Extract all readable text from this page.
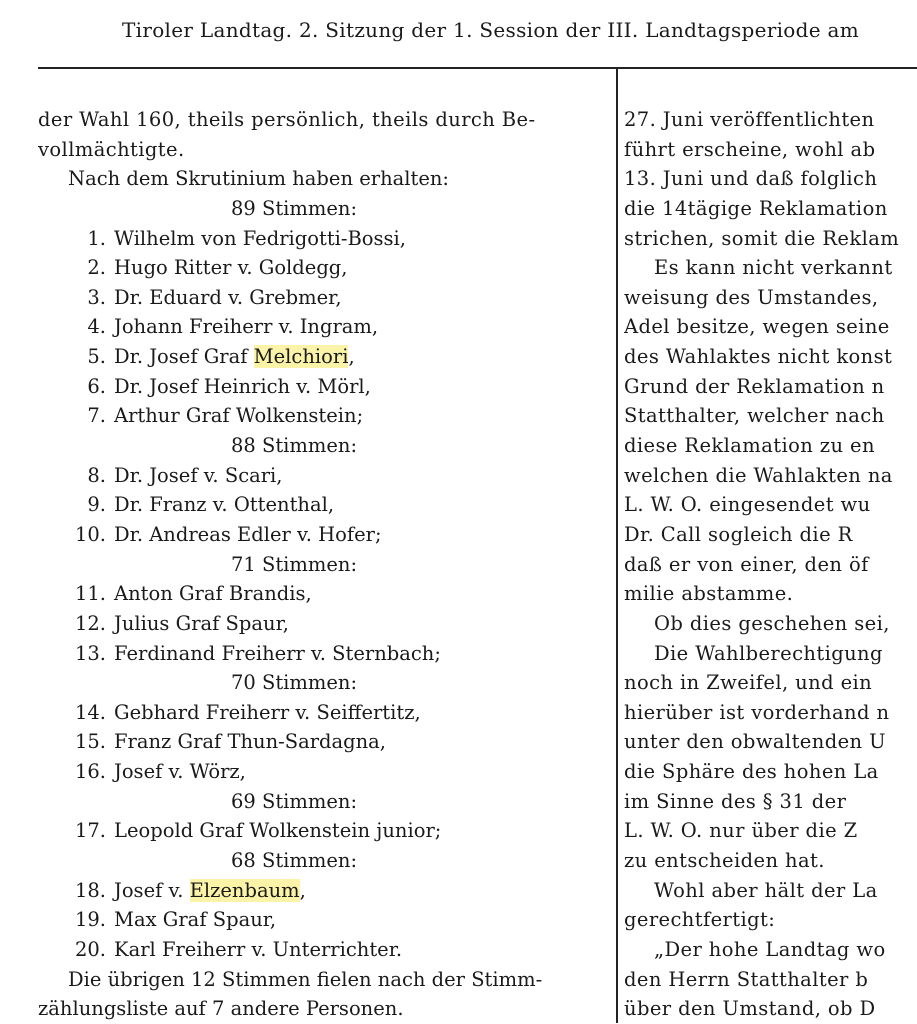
Tiroler Landtag. 2. Sitzung der 1. Session der III. Landtagsperiode am
der Wahl 160, theils persönlich, theils durch Be-
vollmächtigte.
Nach dem Skrutinium haben erhalten:
89 Stimmen:
1. Wilhelm von Fedrigotti-Bossi,
2. Hugo Ritter v. Goldegg,
3. Dr. Eduard v. Grebmer,
4. Johann Freiherr v. Ingram,
5. Dr. Josef Graf Melchiori,
6. Dr. Josef Heinrich v. Mörl,
7. Arthur Graf Wolkenstein;
88 Stimmen:
8. Dr. Josef v. Scari,
9. Dr. Franz v. Ottenthal,
10. Dr. Andreas Edler v. Hofer;
71 Stimmen:
11. Anton Graf Brandis,
12. Julius Graf Spaur,
13. Ferdinand Freiherr v. Sternbach;
70 Stimmen:
14. Gebhard Freiherr v. Seiffertitz,
15. Franz Graf Thun-Sardagna,
16. Josef v. Wörz,
69 Stimmen:
17. Leopold Graf Wolkenstein junior;
68 Stimmen:
18. Josef v. Elzenbaum,
19. Max Graf Spaur,
20. Karl Freiherr v. Unterrichter.
Die übrigen 12 Stimmen fielen nach der Stimm-
zählungsliste auf 7 andere Personen.
27. Juni veröffentlichten
führt erscheine, wohl ab
13. Juni und daß folglich
die 14tägige Reklamation
strichen, somit die Reklam
Es kann nicht verkannt
weisung des Umstandes,
Adel besitze, wegen seine
des Wahlaktes nicht konst
Grund der Reklamation n
Statthalter, welcher nach
diese Reklamation zu en
welchen die Wahlakten na
L. W. O. eingesendet wu
Dr. Call sogleich die R
daß er von einer, den öf
milie abstamme.
Ob dies geschehen sei,
Die Wahlberechtigung
noch in Zweifel, und ein
hierüber ist vorderhand n
unter den obwaltenden U
die Sphäre des hohen La
im Sinne des § 31 der
L. W. O. nur über die Z
zu entscheiden hat.
Wohl aber hält der La
gerechtfertigt:
„Der hohe Landtag wo
den Herrn Statthalter b
über den Umstand, ob D
